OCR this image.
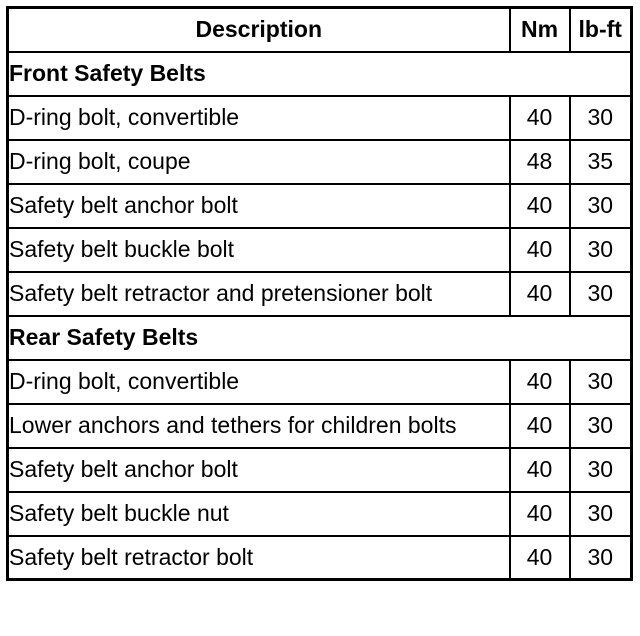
Description	Nm	lb-ft
Front Safety Belts		
D-ring bolt, convertible	40	30
D-ring bolt, coupe	48	35
Safety belt anchor bolt	40	30
Safety belt buckle bolt	40	30
Safety belt retractor and pretensioner bolt	40	30
Rear Safety Belts		
D-ring bolt, convertible	40	30
Lower anchors and tethers for children bolts	40	30
Safety belt anchor bolt	40	30
Safety belt buckle nut	40	30
Safety belt retractor bolt	40	30
